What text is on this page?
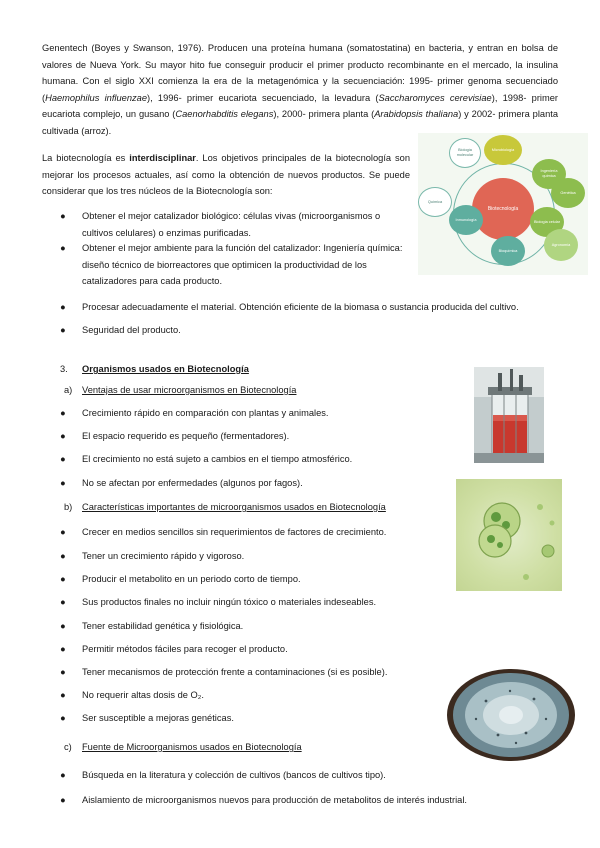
Genentech (Boyes y Swanson, 1976). Producen una proteína humana (somatostatina) en bacteria, y entran en bolsa de valores de Nueva York. Su mayor hito fue conseguir producir el primer producto recombinante en el mercado, la insulina humana. Con el siglo XXI comienza la era de la metagenómica y la secuenciación: 1995- primer genoma secuenciado (Haemophilus influenzae), 1996- primer eucariota secuenciado, la levadura (Saccharomyces cerevisiae), 1998- primer eucariota complejo, un gusano (Caenorhabditis elegans), 2000- primera planta (Arabidopsis thaliana) y 2002- primera planta cultivada (arroz).

La biotecnología es interdisciplinar. Los objetivos principales de la biotecnología son mejorar los procesos actuales, así como la obtención de nuevos productos. Se puede considerar que los tres núcleos de la Biotecnología son:

Biotecnología
Microbiología
Ingeniería química
Genética
Biología celular
Agronomía
Bioquímica
Inmunología
Química
Biología molecular
●	Obtener el mejor catalizador biológico: células vivas (microorganismos o cultivos celulares) o enzimas purificadas.
●	Obtener el mejor ambiente para la función del catalizador: Ingeniería química: diseño técnico de biorreactores que optimicen la productividad de los catalizadores para cada producto.
●	Procesar adecuadamente el material. Obtención eficiente de la biomasa o sustancia producida del cultivo.
●	Seguridad del producto.
3. Organismos usados en Biotecnología
a) Ventajas de usar microorganismos en Biotecnología
●	Crecimiento rápido en comparación con plantas y animales.
●	El espacio requerido es pequeño (fermentadores).
●	El crecimiento no está sujeto a cambios en el tiempo atmosférico.
●	No se afectan por enfermedades (algunos por fagos).
b) Características importantes de microorganismos usados en Biotecnología
●	Crecer en medios sencillos sin requerimientos de factores de crecimiento.
●	Tener un crecimiento rápido y vigoroso.
●	Producir el metabolito en un periodo corto de tiempo.
●	Sus productos finales no incluir ningún tóxico o materiales indeseables.
●	Tener estabilidad genética y fisiológica.
●	Permitir métodos fáciles para recoger el producto.
●	Tener mecanismos de protección frente a contaminaciones (si es posible).
●	No requerir altas dosis de O₂.
●	Ser susceptible a mejoras genéticas.
c) Fuente de Microorganismos usados en Biotecnología
●	Búsqueda en la literatura y colección de cultivos (bancos de cultivos tipo).
●	Aislamiento de microorganismos nuevos para producción de metabolitos de interés industrial.
